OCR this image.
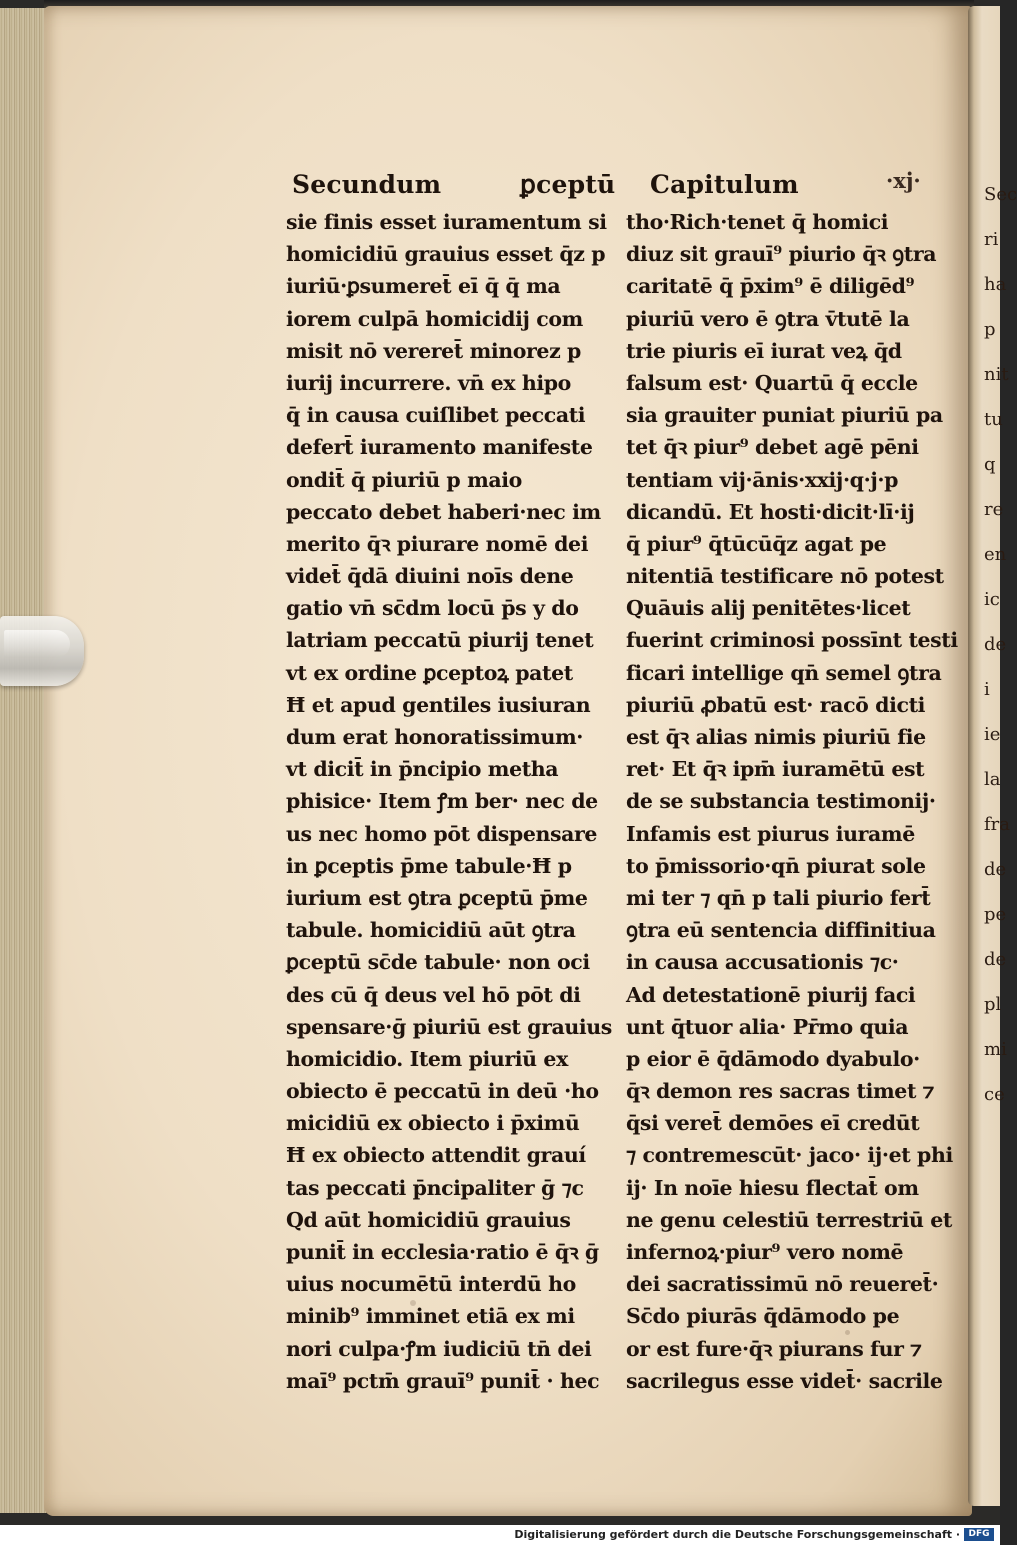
Sec
ri
ha
p
nit
tu
q
re
en
ic
de
i
ie
la
fra
de
pe
de
pl
mi
ce
Secundum	ꝑceptū Capitulum	·xj·
sie finis esset iuramentum si
homicidiū grauius esset q̄z p
iuriū·ꝑsumeret̄ eī q̄ q̄ ma
iorem culpā homicidij com
misit nō vereret̄ minorez p
iurij incurrere. vn̄ ex hipo
q̄ in causa cuiſlibet peccati
defert̄ iuramento manifeste
ondit̄ q̄ piuriū p maio
peccato debet haberi·nec im
merito q̄ꝛ piurare nomē dei
videt̄ q̄dā diuini noīs dene
gatio vn̄ sc̄dm locū p̄s y do
latriam peccatū piurij tenet
vt ex ordine ꝑceptoꝝ patet
Ħ et apud gentiles iusiuran
dum erat honoratissimum·
vt dicit̄ in p̄ncipio metha
phisice· Item ꝭm ber· nec de
us nec homo pōt dispensare
in ꝑceptis p̄me tabule·Ħ p
iurium est ꝯtra ꝑceptū p̄me
tabule. homicidiū aūt ꝯtra
ꝑceptū sc̄de tabule· non oci
des cū q̄ deus vel hō pōt di
spensare·ḡ piuriū est grauius
homicidio. Item piuriū ex
obiecto ē peccatū in deū ·ho
micidiū ex obiecto i p̄ximū
Ħ ex obiecto attendit grauí
tas peccati p̄ncipaliter ḡ ⁊c
Qd aūt homicidiū grauius
punit̄ in ecclesia·ratio ē q̄ꝛ ḡ
uius nocumētū interdū ho
minib⁹ imminet etiā ex mi
nori culpa·ꝭm iudiciū tn̄ dei
maī⁹ pctm̄ grauī⁹ punit̄ · hec
tho·Rich·tenet q̄ homici
diuz sit grauī⁹ piurio q̄ꝛ ꝯtra
caritatē q̄ p̄xim⁹ ē diligēd⁹
piuriū vero ē ꝯtra v̄tutē la
trie piuris eī iurat veꝝ q̄d
falsum est· Quartū q̄ eccle
sia grauiter puniat piuriū pa
tet q̄ꝛ piur⁹ debet agē pēni
tentiam vij·ānis·xxij·q·j·p
dicandū. Et hosti·dicit·lī·ij
q̄ piur⁹ q̄tūcūq̄z agat pe
nitentiā testificare nō potest
Quāuis alij penitētes·licet
fuerint criminosi possīnt testi
ficari intellige qn̄ semel ꝯtra
piuriū ꝓbatū est· racō dicti
est q̄ꝛ alias nimis piuriū fie
ret· Et q̄ꝛ ipm̄ iuramētū est
de se substancia testimonij·
Infamis est piurus iuramē
to p̄missorio·qn̄ piurat sole
mi ter ⁊ qn̄ p tali piurio fert̄
ꝯtra eū sentencia diffinitiua
in causa accusationis ⁊c·
Ad detestationē piurij faci
unt q̄tuor alia· Pr̄mo quia
p eior ē q̄dāmodo dyabulo·
q̄ꝛ demon res sacras timet ⁊
q̄si veret̄ demōes eī credūt
⁊ contremescūt· jaco· ij·et phi
ij· In noīe hiesu flectat̄ om
ne genu celestiū terrestriū et
infernoꝝ·piur⁹ vero nomē
dei sacratissimū nō reueret̄·
Sc̄do piurās q̄dāmodo pe
or est fure·q̄ꝛ piurans fur ⁊
sacrilegus esse videt̄· sacrile
Digitalisierung gefördert durch die Deutsche Forschungsgemeinschaft · DFG
